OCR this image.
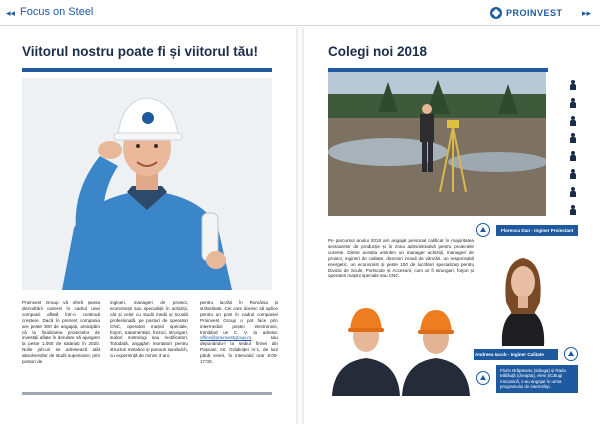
◂◂ Focus on Steel	PROINVEST ▸▸
Viitorul nostru poate fi și viitorul tău!
Proinvest Group vă oferă șansa dezvoltării carierei în cadrul unei companii aflată într-o continuă creștere. Dacă în prezent compania are peste 300 de angajați, anticipăm că la finalizarea proiectelor de investiții aflate în derulare să ajungem la peste 1.000 de salariați în 2020. Noile job-uri se adresează atât absolvenților de studii superioare, prin posturi de
ingineri, manageri de proiect, economiști sau specialiști în achiziții, cât și celor cu studii medii și școală profesională, pe posturi de operatori CNC, operatori mașini speciale, forjori, tratamentiști, frezori, strungari, sudori metrologi sau rectificatori. Totodată, angajăm montatori pentru structuri metalice și panouri sandwich, cu experiență de minim 3 ani,
pentru lucrări în România și străinătate. Cei care doresc să aplice pentru un post în cadrul companiei Proinvest Group o pot face prin intermediul poștei electronice, trimițând un C. V. la adresa: office@proinvestgroup.ro	sau depunându-l la sediul firmei din Pașcani, str. Grădiniței nr.1, de luni până vineri, în intervalul orar 8:00-17:00.
Colegi noi 2018
Florescu Dan - Inginer Proiectant

Pe parcursul anului 2018 am angajat personal calificat în majoritatea sectoarelor de producție și în zona administrativă pentru proiectele curente. Dintre aceștia amintim un manager achiziții, manageri de proiect, ingineri de calitate, directori zonali de vânzări, un responsabil energetic, un economist și peste 100 de lucrători specializați pentru Divizia de Scule, Portscule și Accesorii, cum ar fi strungari, forjori și operatori mașini speciale sau CNC.

Andreea Iacob - Inginer Calitate
Florin Brăpteanu (stânga) și Radu Mălăuță (dreapta), elevi ȘCBugi mecanică, s-au angajat în urma programului de internship.
